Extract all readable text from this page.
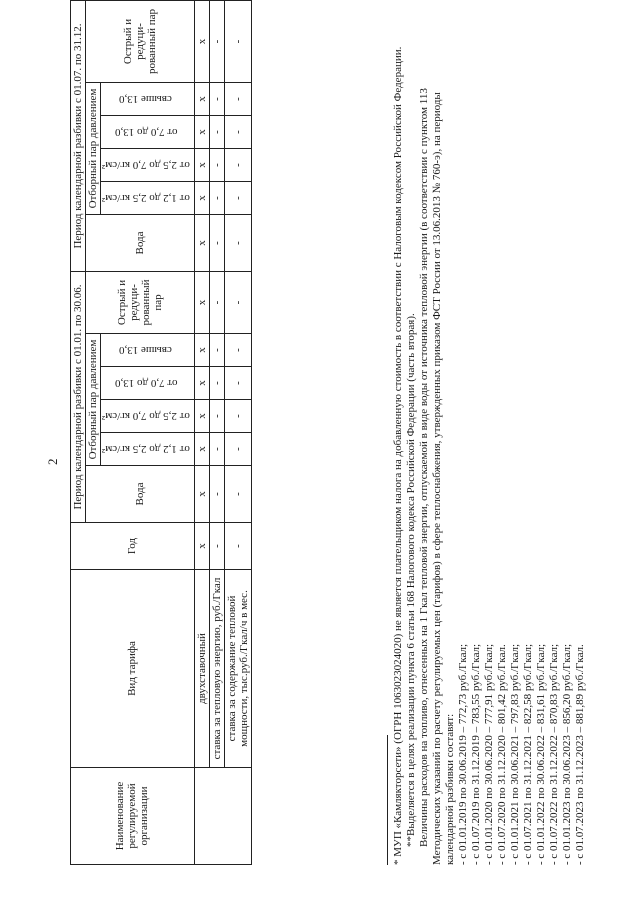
2
Наименование регулируемой организации	Вид тарифа	Год	Период календарной разбивки с 01.01. по 30.06.						Период календарной разбивки с 01.07. по 31.12.					
			Вода	Отборный пар давлением				Острый и редуци-рованный пар	Вода	Отборный пар давлением				Острый и редуци-рованный пар
				от 1,2 до 2,5 кг/см²	от 2,5 до 7,0 кг/см²	от 7,0 до 13,0	свыше 13,0			от 1,2 до 2,5 кг/см²	от 2,5 до 7,0 кг/см²	от 7,0 до 13,0	свыше 13,0	
	двухставочный	x	x	x	x	x	x	x	x	x	x	x	x	x
	ставка за тепловую энергию, руб./Гкал	-	-	-	-	-	-	-	-	-	-	-	-	-
	ставка за содержание тепловой мощности, тыс.руб./Гкал/ч в мес.	-	-	-	-	-	-	-	-	-	-	-	-	-

* МУП «Камлякторсети» (ОГРН 1063023024020) не является плательщиком налога на добавленную стоимость в соответствии с Налоговым кодексом Российской Федерации. **Выделяется в целях реализации пункта 6 статьи 168 Налогового кодекса Российской Федерации (часть вторая). Величины расходов на топливо, отнесенных на 1 Гкал тепловой энергии, отпускаемой в виде воды от источника тепловой энергии (в соответствии с пунктом 113 Методических указаний по расчету регулируемых цен (тарифов) в сфере теплоснабжения, утвержденных приказом ФСТ России от 13.06.2013 № 760-э), на периоды календарной разбивки составят: - с 01.01.2019 по 30.06.2019 – 772,73 руб./Гкал; - с 01.07.2019 по 31.12.2019 – 783,55 руб./Гкал; - с 01.01.2020 по 30.06.2020 – 777,91 руб./Гкал; - с 01.07.2020 по 31.12.2020 – 801,42 руб./Гкал. - с 01.01.2021 по 30.06.2021 – 797,83 руб./Гкал; - с 01.07.2021 по 31.12.2021 – 822,58 руб./Гкал; - с 01.01.2022 по 30.06.2022 – 831,61 руб./Гкал; - с 01.07.2022 по 31.12.2022 – 870,83 руб./Гкал; - с 01.01.2023 по 30.06.2023 – 856,20 руб./Гкал; - с 01.07.2023 по 31.12.2023 – 881,89 руб./Гкал.
